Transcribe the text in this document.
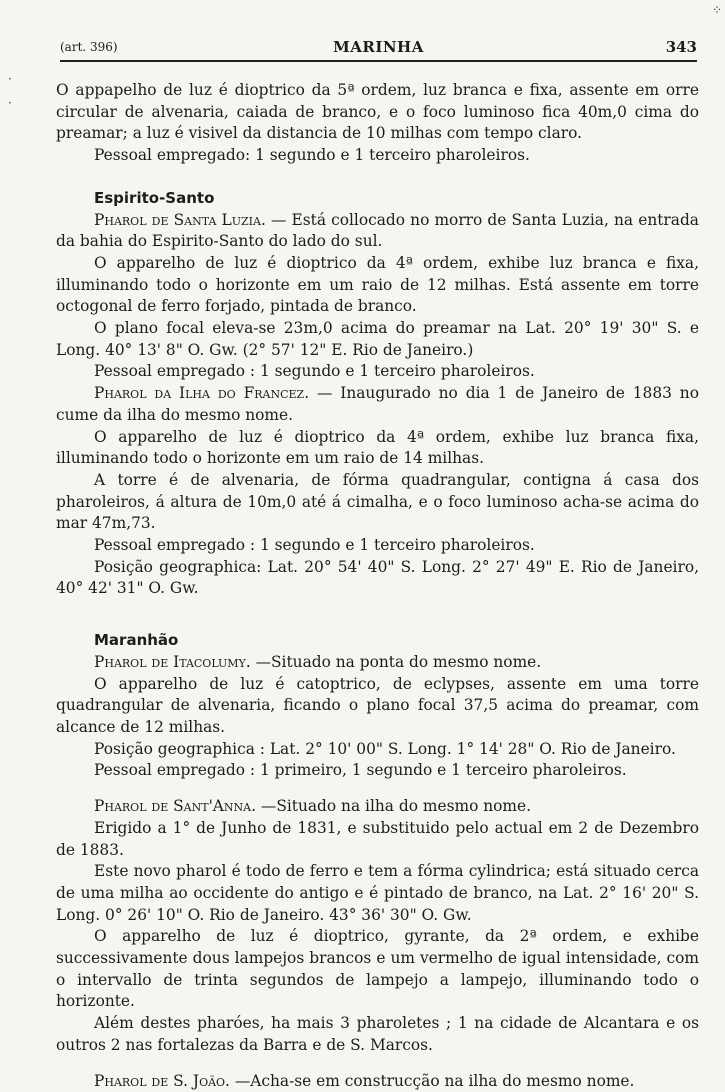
⁘
·
·
(art. 396)	MARINHA	343

O appapelho de luz é dioptrico da 5ª ordem, luz branca e fixa, assente em orre circular de alvenaria, caiada de branco, e o foco luminoso fica 40m,0 cima do preamar; a luz é visivel da distancia de 10 milhas com tempo claro.

Pessoal empregado: 1 segundo e 1 terceiro pharoleiros.

Espirito-Santo

Pharol de Santa Luzia. — Está collocado no morro de Santa Luzia, na entrada da bahia do Espirito-Santo do lado do sul.

O apparelho de luz é dioptrico da 4ª ordem, exhibe luz branca e fixa, illuminando todo o horizonte em um raio de 12 milhas. Está assente em torre octogonal de ferro forjado, pintada de branco.

O plano focal eleva-se 23m,0 acima do preamar na Lat. 20° 19' 30" S. e Long. 40° 13' 8" O. Gw. (2° 57' 12" E. Rio de Janeiro.)

Pessoal empregado : 1 segundo e 1 terceiro pharoleiros.

Pharol da Ilha do Francez. — Inaugurado no dia 1 de Janeiro de 1883 no cume da ilha do mesmo nome.

O apparelho de luz é dioptrico da 4ª ordem, exhibe luz branca fixa, illuminando todo o horizonte em um raio de 14 milhas.

A torre é de alvenaria, de fórma quadrangular, contigna á casa dos pharoleiros, á altura de 10m,0 até á cimalha, e o foco luminoso acha-se acima do mar 47m,73.

Pessoal empregado : 1 segundo e 1 terceiro pharoleiros.

Posição geographica: Lat. 20° 54' 40" S. Long. 2° 27' 49" E. Rio de Janeiro, 40° 42' 31" O. Gw.

Maranhão

Pharol de Itacolumy. —Situado na ponta do mesmo nome.

O apparelho de luz é catoptrico, de eclypses, assente em uma torre quadrangular de alvenaria, ficando o plano focal 37,5 acima do preamar, com alcance de 12 milhas.

Posição geographica : Lat. 2° 10' 00" S. Long. 1° 14' 28" O. Rio de Janeiro.

Pessoal empregado : 1 primeiro, 1 segundo e 1 terceiro pharoleiros.

Pharol de Sant'Anna. —Situado na ilha do mesmo nome.

Erigido a 1° de Junho de 1831, e substituido pelo actual em 2 de Dezembro de 1883.

Este novo pharol é todo de ferro e tem a fórma cylindrica; está situado cerca de uma milha ao occidente do antigo e é pintado de branco, na Lat. 2° 16' 20" S. Long. 0° 26' 10" O. Rio de Janeiro. 43° 36' 30" O. Gw.

O apparelho de luz é dioptrico, gyrante, da 2ª ordem, e exhibe successivamente dous lampejos brancos e um vermelho de igual intensidade, com o intervallo de trinta segundos de lampejo a lampejo, illuminando todo o horizonte.

Além destes pharóes, ha mais 3 pharoletes ; 1 na cidade de Alcantara e os outros 2 nas fortalezas da Barra e de S. Marcos.

Pharol de S. João. —Acha-se em construcção na ilha do mesmo nome.
